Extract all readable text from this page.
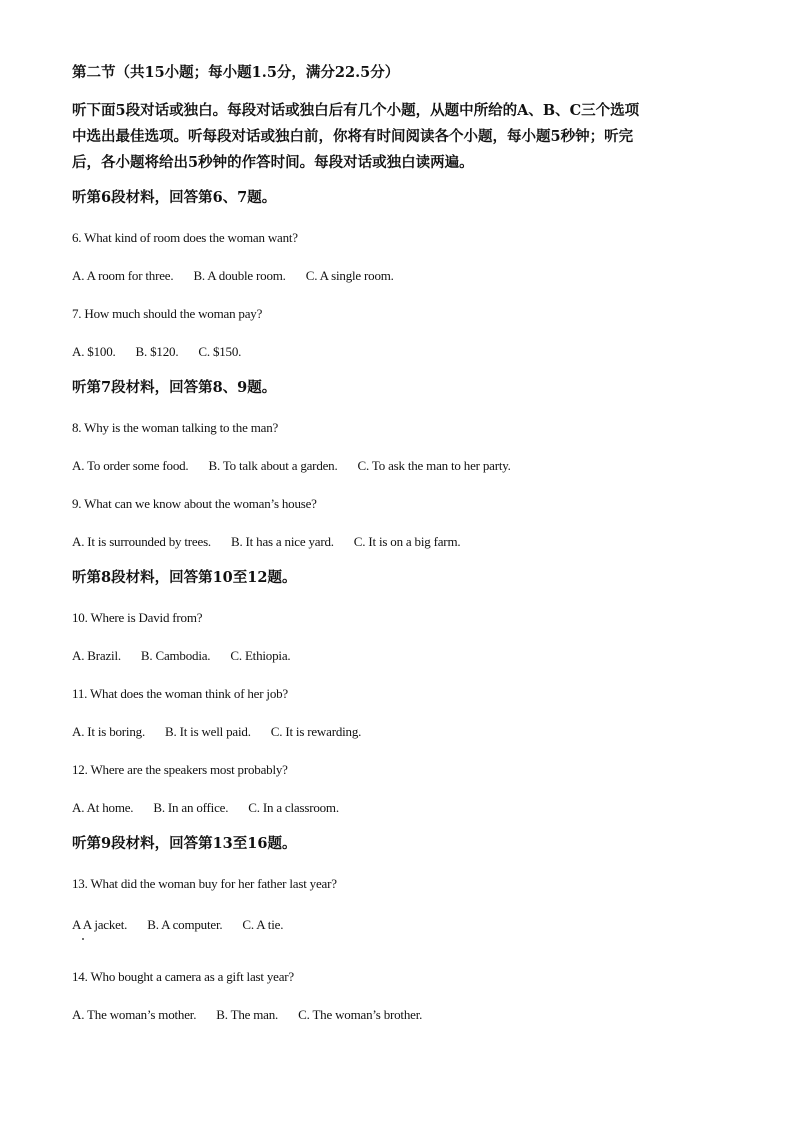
第二节（共15小题；每小题1.5分，满分22.5分）
听下面5段对话或独白。每段对话或独白后有几个小题，从题中所给的A、B、C三个选项
中选出最佳选项。听每段对话或独白前，你将有时间阅读各个小题，每小题5秒钟；听完
后，各小题将给出5秒钟的作答时间。每段对话或独白读两遍。
听第6段材料，回答第6、7题。
6. What kind of room does the woman want?
A. A room for three. B. A double room. C. A single room.
7. How much should the woman pay?
A. $100. B. $120. C. $150.
听第7段材料，回答第8、9题。
8. Why is the woman talking to the man?
A. To order some food. B. To talk about a garden. C. To ask the man to her party.
9. What can we know about the woman’s house?
A. It is surrounded by trees. B. It has a nice yard. C. It is on a big farm.
听第8段材料，回答第10至12题。
10. Where is David from?
A. Brazil. B. Cambodia. C. Ethiopia.
11. What does the woman think of her job?
A. It is boring. B. It is well paid. C. It is rewarding.
12. Where are the speakers most probably?
A. At home. B. In an office. C. In a classroom.
听第9段材料，回答第13至16题。
13. What did the woman buy for her father last year?
A A jacket. B. A computer. C. A tie.
14. Who bought a camera as a gift last year?
A. The woman’s mother. B. The man. C. The woman’s brother.
